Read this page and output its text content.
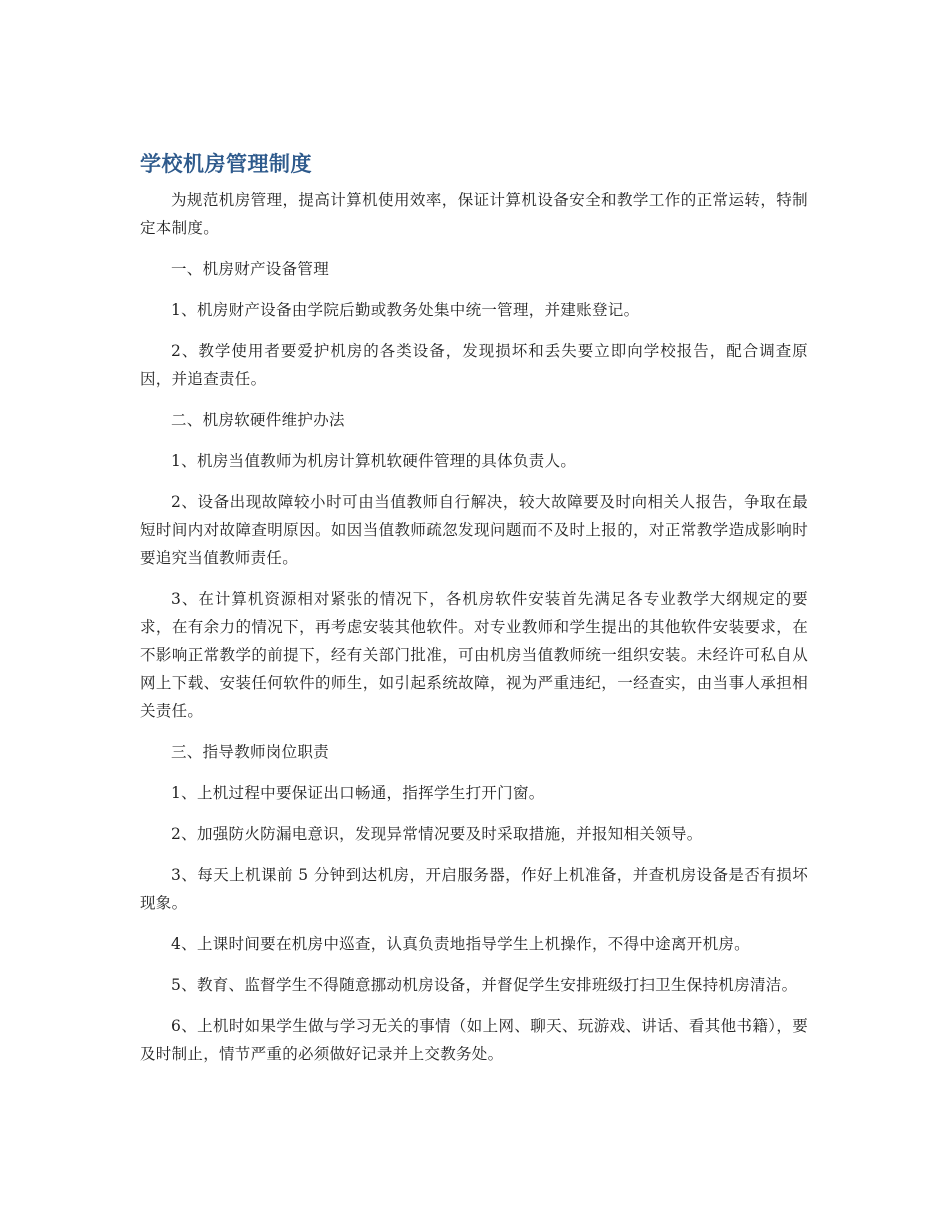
学校机房管理制度

为规范机房管理，提高计算机使用效率，保证计算机设备安全和教学工作的正常运转，特制定本制度。

一、机房财产设备管理

1、机房财产设备由学院后勤或教务处集中统一管理，并建账登记。

2、教学使用者要爱护机房的各类设备，发现损坏和丢失要立即向学校报告，配合调查原因，并追查责任。

二、机房软硬件维护办法

1、机房当值教师为机房计算机软硬件管理的具体负责人。

2、设备出现故障较小时可由当值教师自行解决，较大故障要及时向相关人报告，争取在最短时间内对故障查明原因。如因当值教师疏忽发现问题而不及时上报的，对正常教学造成影响时要追究当值教师责任。

3、在计算机资源相对紧张的情况下，各机房软件安装首先满足各专业教学大纲规定的要求，在有余力的情况下，再考虑安装其他软件。对专业教师和学生提出的其他软件安装要求，在不影响正常教学的前提下，经有关部门批准，可由机房当值教师统一组织安装。未经许可私自从网上下载、安装任何软件的师生，如引起系统故障，视为严重违纪，一经查实，由当事人承担相关责任。

三、指导教师岗位职责

1、上机过程中要保证出口畅通，指挥学生打开门窗。

2、加强防火防漏电意识，发现异常情况要及时采取措施，并报知相关领导。

3、每天上机课前 5 分钟到达机房，开启服务器，作好上机准备，并查机房设备是否有损坏现象。

4、上课时间要在机房中巡查，认真负责地指导学生上机操作，不得中途离开机房。

5、教育、监督学生不得随意挪动机房设备，并督促学生安排班级打扫卫生保持机房清洁。

6、上机时如果学生做与学习无关的事情（如上网、聊天、玩游戏、讲话、看其他书籍），要及时制止，情节严重的必须做好记录并上交教务处。
